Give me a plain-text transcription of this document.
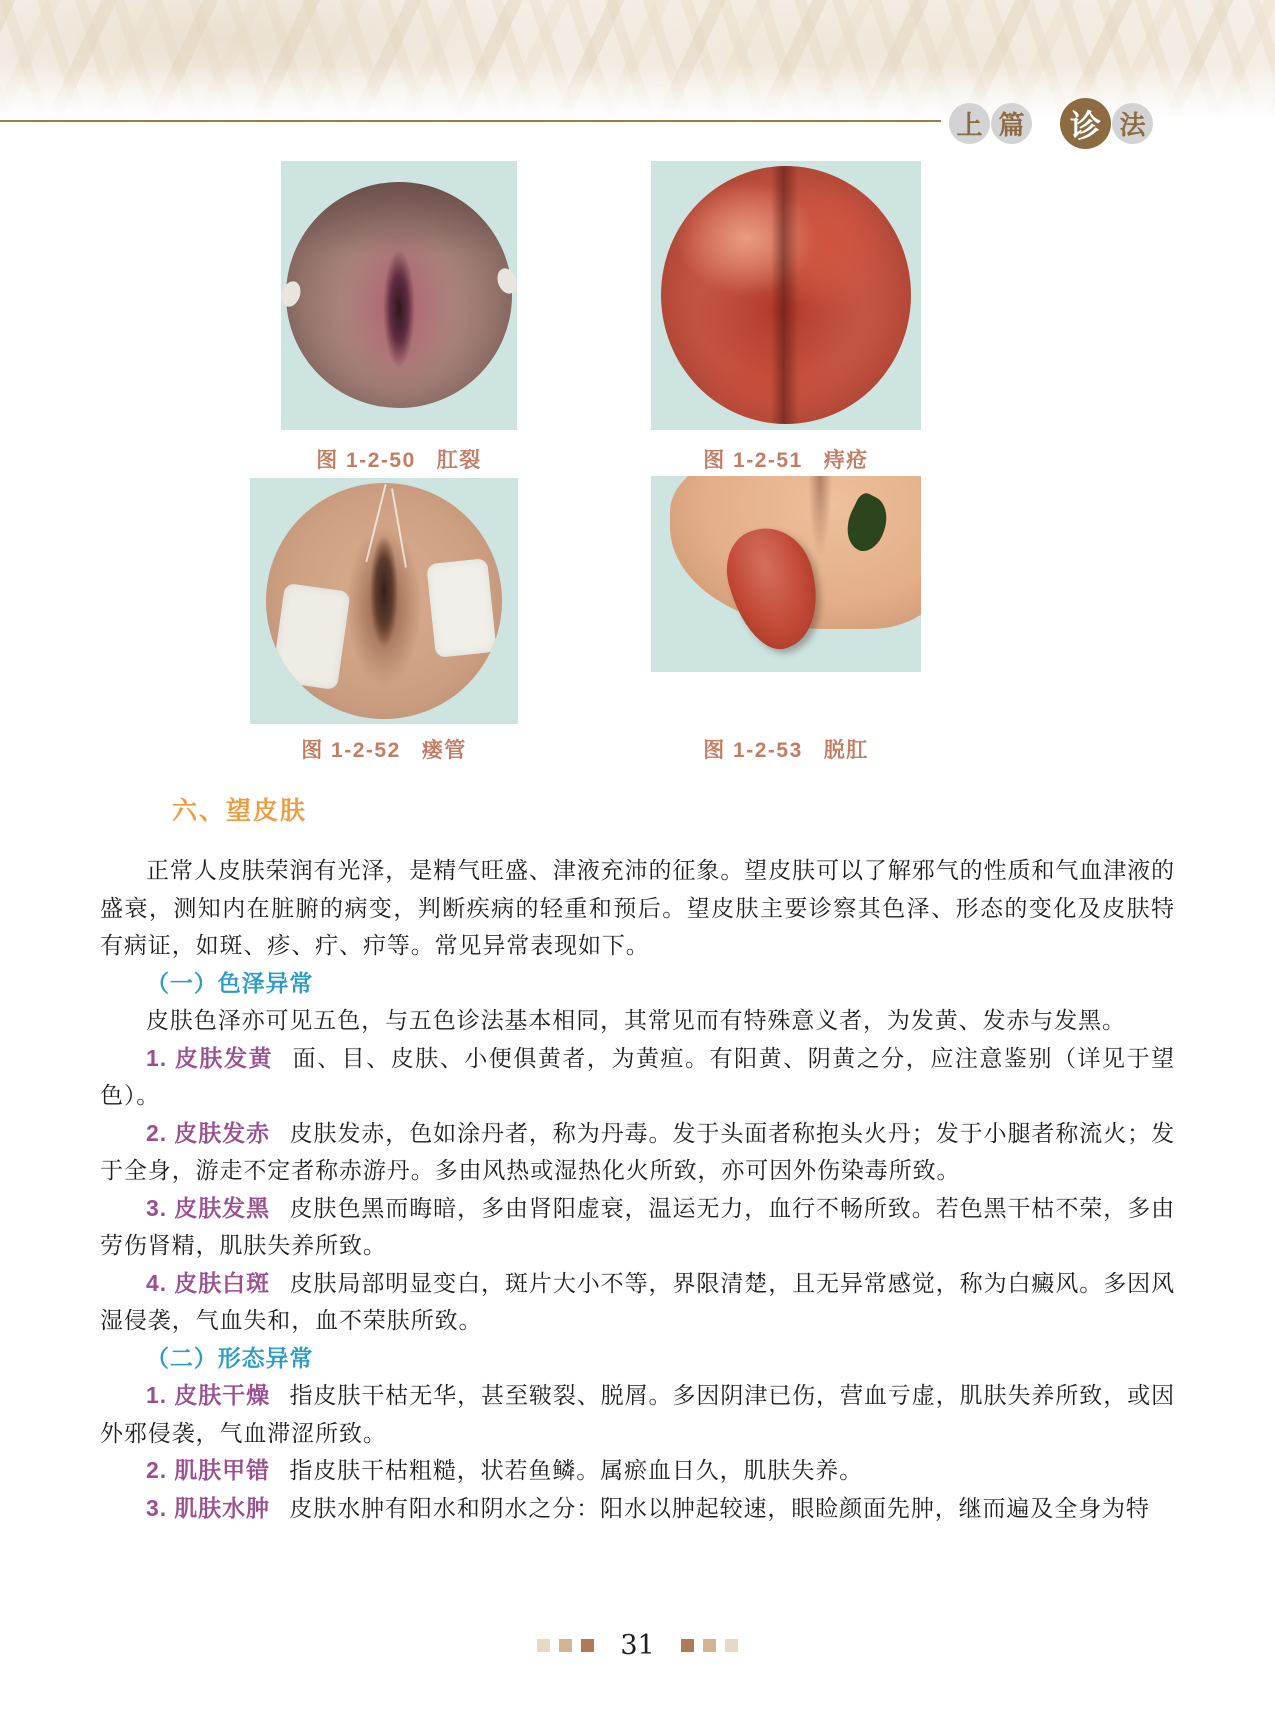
上 篇	诊 法
图 1-2-50 肛裂	图 1-2-51 痔疮
图 1-2-52 瘘管	图 1-2-53 脱肛
六、望皮肤

正常人皮肤荣润有光泽，是精气旺盛、津液充沛的征象。望皮肤可以了解邪气的性质和气血津液的盛衰，测知内在脏腑的病变，判断疾病的轻重和预后。望皮肤主要诊察其色泽、形态的变化及皮肤特有病证，如斑、疹、疔、疖等。常见异常表现如下。

（一）色泽异常

皮肤色泽亦可见五色，与五色诊法基本相同，其常见而有特殊意义者，为发黄、发赤与发黑。

1. 皮肤发黄 面、目、皮肤、小便俱黄者，为黄疸。有阳黄、阴黄之分，应注意鉴别（详见于望色）。

2. 皮肤发赤 皮肤发赤，色如涂丹者，称为丹毒。发于头面者称抱头火丹；发于小腿者称流火；发于全身，游走不定者称赤游丹。多由风热或湿热化火所致，亦可因外伤染毒所致。

3. 皮肤发黑 皮肤色黑而晦暗，多由肾阳虚衰，温运无力，血行不畅所致。若色黑干枯不荣，多由劳伤肾精，肌肤失养所致。

4. 皮肤白斑 皮肤局部明显变白，斑片大小不等，界限清楚，且无异常感觉，称为白癜风。多因风湿侵袭，气血失和，血不荣肤所致。

（二）形态异常

1. 皮肤干燥 指皮肤干枯无华，甚至皲裂、脱屑。多因阴津已伤，营血亏虚，肌肤失养所致，或因外邪侵袭，气血滞涩所致。

2. 肌肤甲错 指皮肤干枯粗糙，状若鱼鳞。属瘀血日久，肌肤失养。

3. 肌肤水肿 皮肤水肿有阳水和阴水之分：阳水以肿起较速，眼睑颜面先肿，继而遍及全身为特

31
